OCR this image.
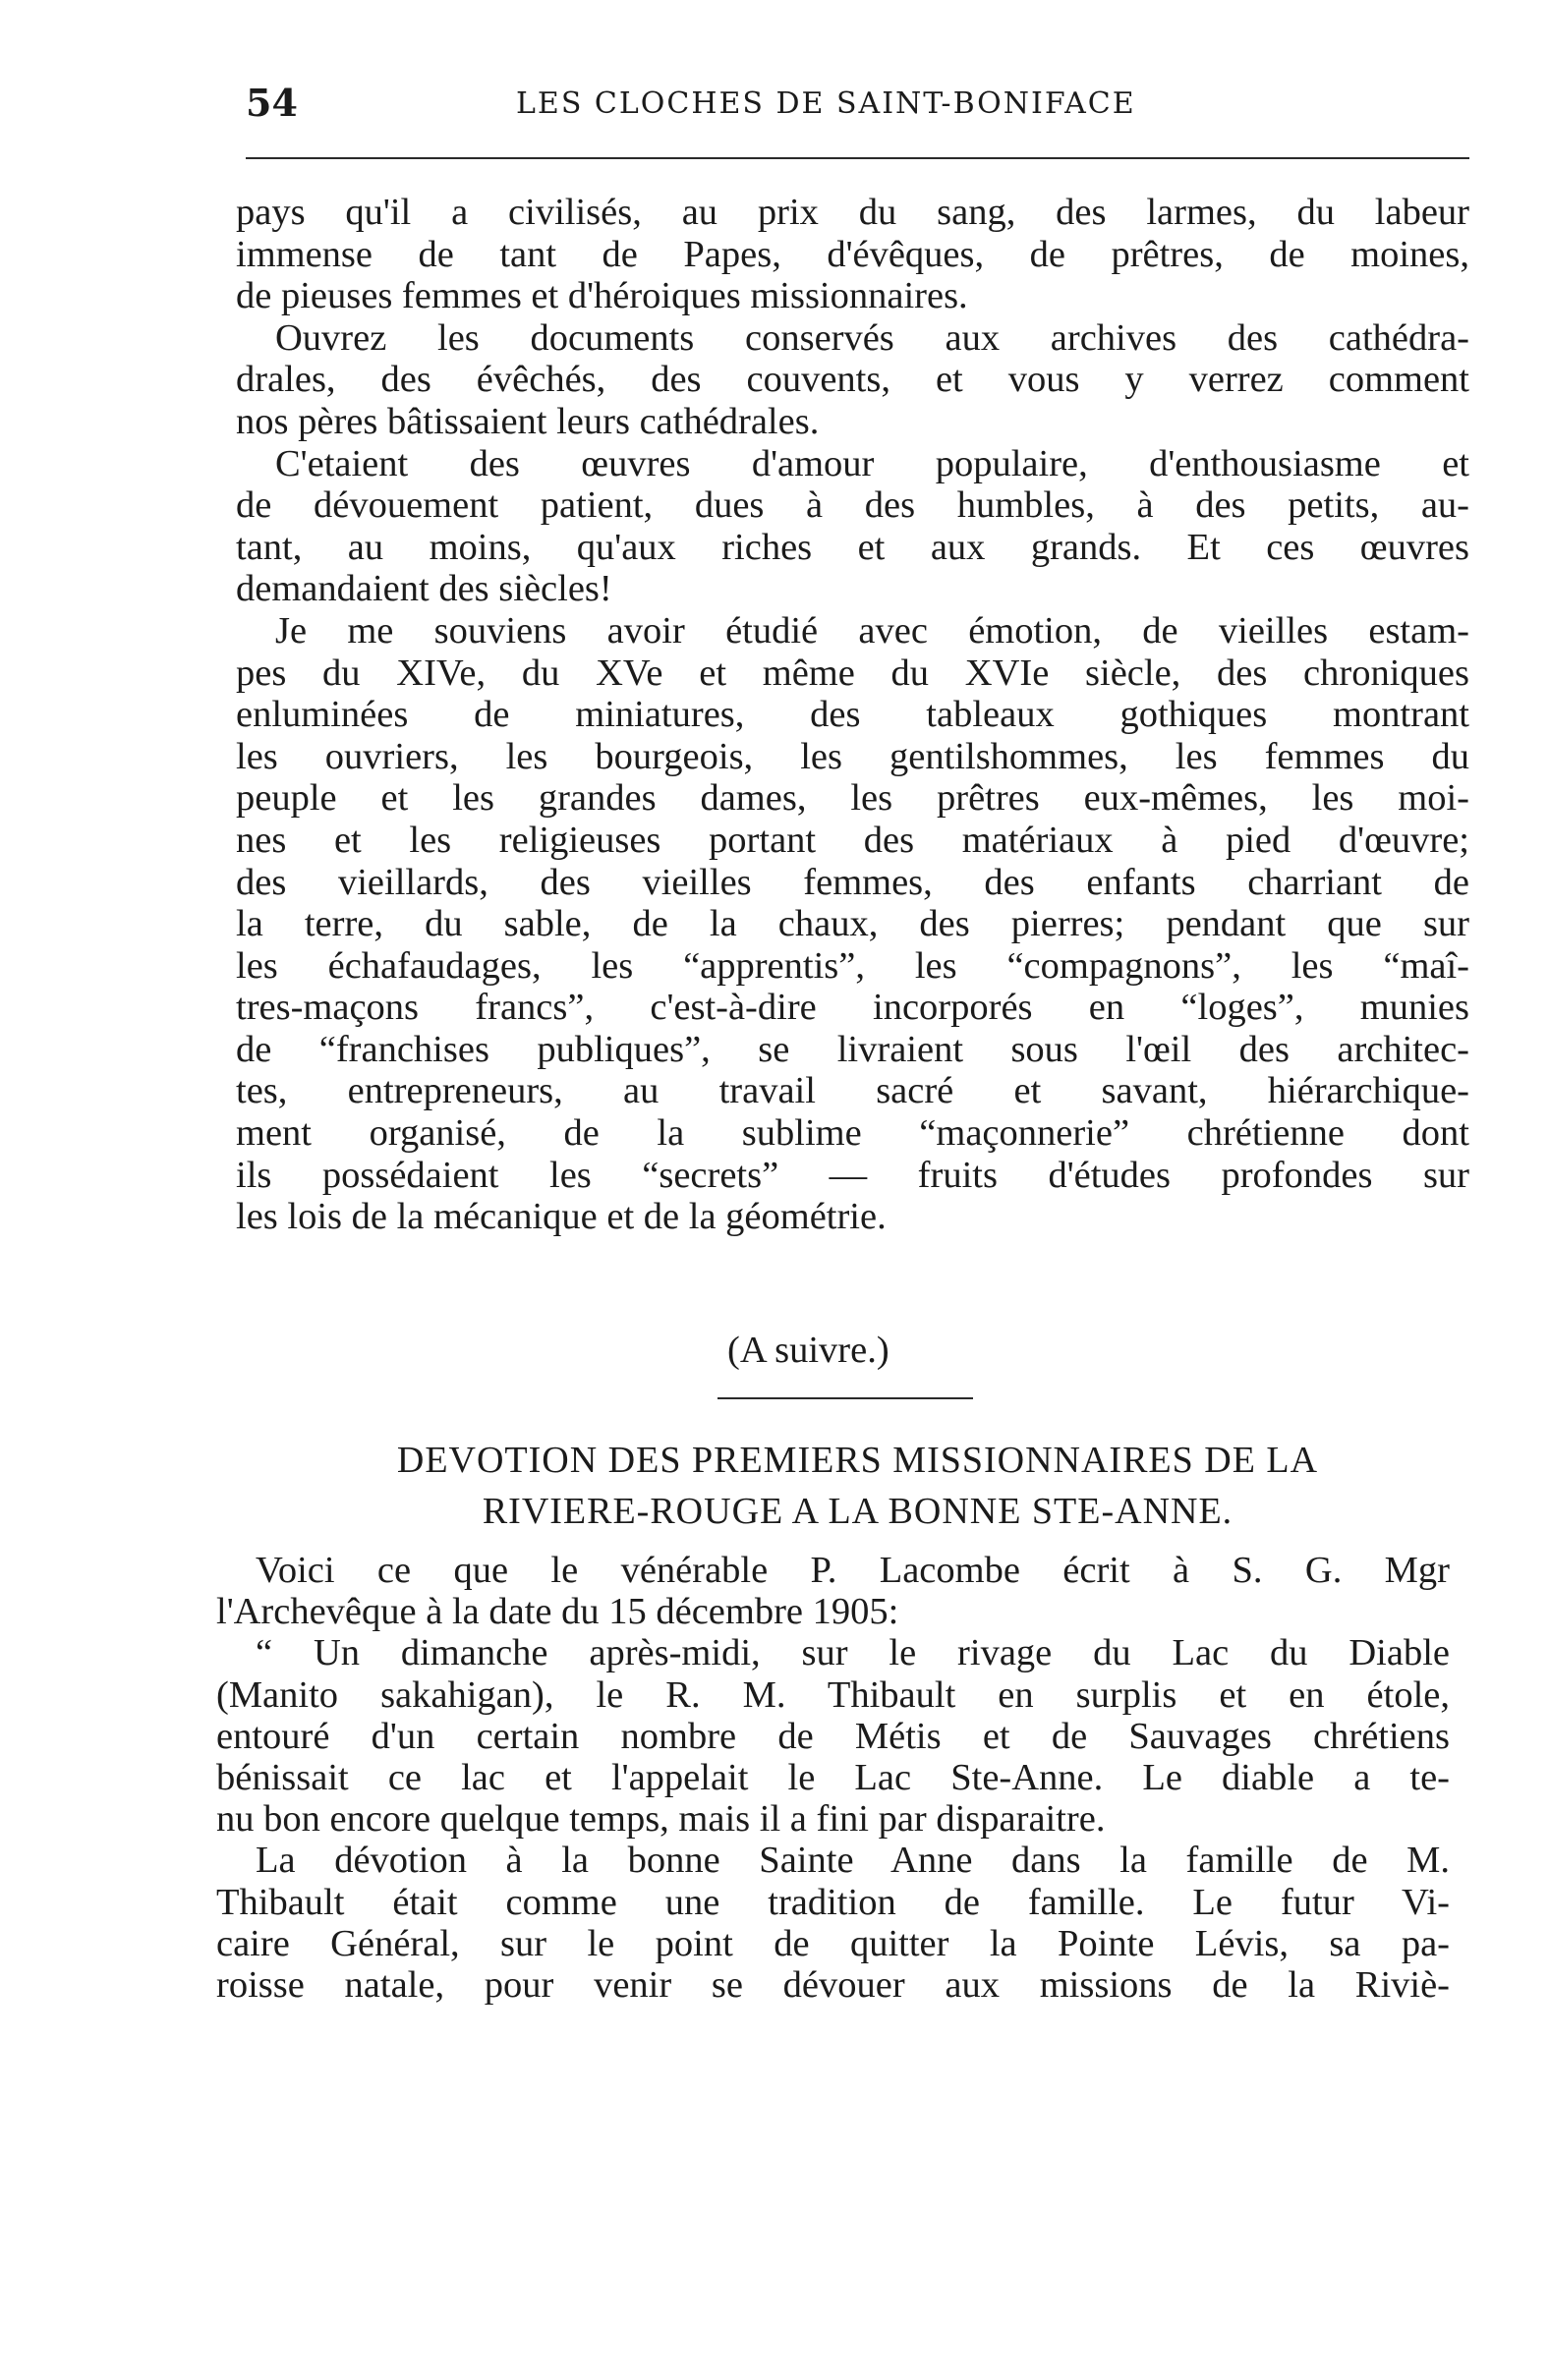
54	LES CLOCHES DE SAINT-BONIFACE
pays qu'il a civilisés, au prix du sang, des larmes, du labeur
immense de tant de Papes, d'évêques, de prêtres, de moines,
de pieuses femmes et d'héroiques missionnaires.
Ouvrez les documents conservés aux archives des cathédra-
drales, des évêchés, des couvents, et vous y verrez comment
nos pères bâtissaient leurs cathédrales.
C'etaient des œuvres d'amour populaire, d'enthousiasme et
de dévouement patient, dues à des humbles, à des petits, au-
tant, au moins, qu'aux riches et aux grands. Et ces œuvres
demandaient des siècles!
Je me souviens avoir étudié avec émotion, de vieilles estam-
pes du XIVe, du XVe et même du XVIe siècle, des chroniques
enluminées de miniatures, des tableaux gothiques montrant
les ouvriers, les bourgeois, les gentilshommes, les femmes du
peuple et les grandes dames, les prêtres eux-mêmes, les moi-
nes et les religieuses portant des matériaux à pied d'œuvre;
des vieillards, des vieilles femmes, des enfants charriant de
la terre, du sable, de la chaux, des pierres; pendant que sur
les échafaudages, les “apprentis”, les “compagnons”, les “maî-
tres-maçons francs”, c'est-à-dire incorporés en “loges”, munies
de “franchises publiques”, se livraient sous l'œil des architec-
tes, entrepreneurs, au travail sacré et savant, hiérarchique-
ment organisé, de la sublime “maçonnerie” chrétienne dont
ils possédaient les “secrets” — fruits d'études profondes sur
les lois de la mécanique et de la géométrie.
(A suivre.)
DEVOTION DES PREMIERS MISSIONNAIRES DE LA
RIVIERE-ROUGE A LA BONNE STE-ANNE.
Voici ce que le vénérable P. Lacombe écrit à S. G. Mgr
l'Archevêque à la date du 15 décembre 1905:
“ Un dimanche après-midi, sur le rivage du Lac du Diable
(Manito sakahigan), le R. M. Thibault en surplis et en étole,
entouré d'un certain nombre de Métis et de Sauvages chrétiens
bénissait ce lac et l'appelait le Lac Ste-Anne. Le diable a te-
nu bon encore quelque temps, mais il a fini par disparaitre.
La dévotion à la bonne Sainte Anne dans la famille de M.
Thibault était comme une tradition de famille. Le futur Vi-
caire Général, sur le point de quitter la Pointe Lévis, sa pa-
roisse natale, pour venir se dévouer aux missions de la Riviè-
